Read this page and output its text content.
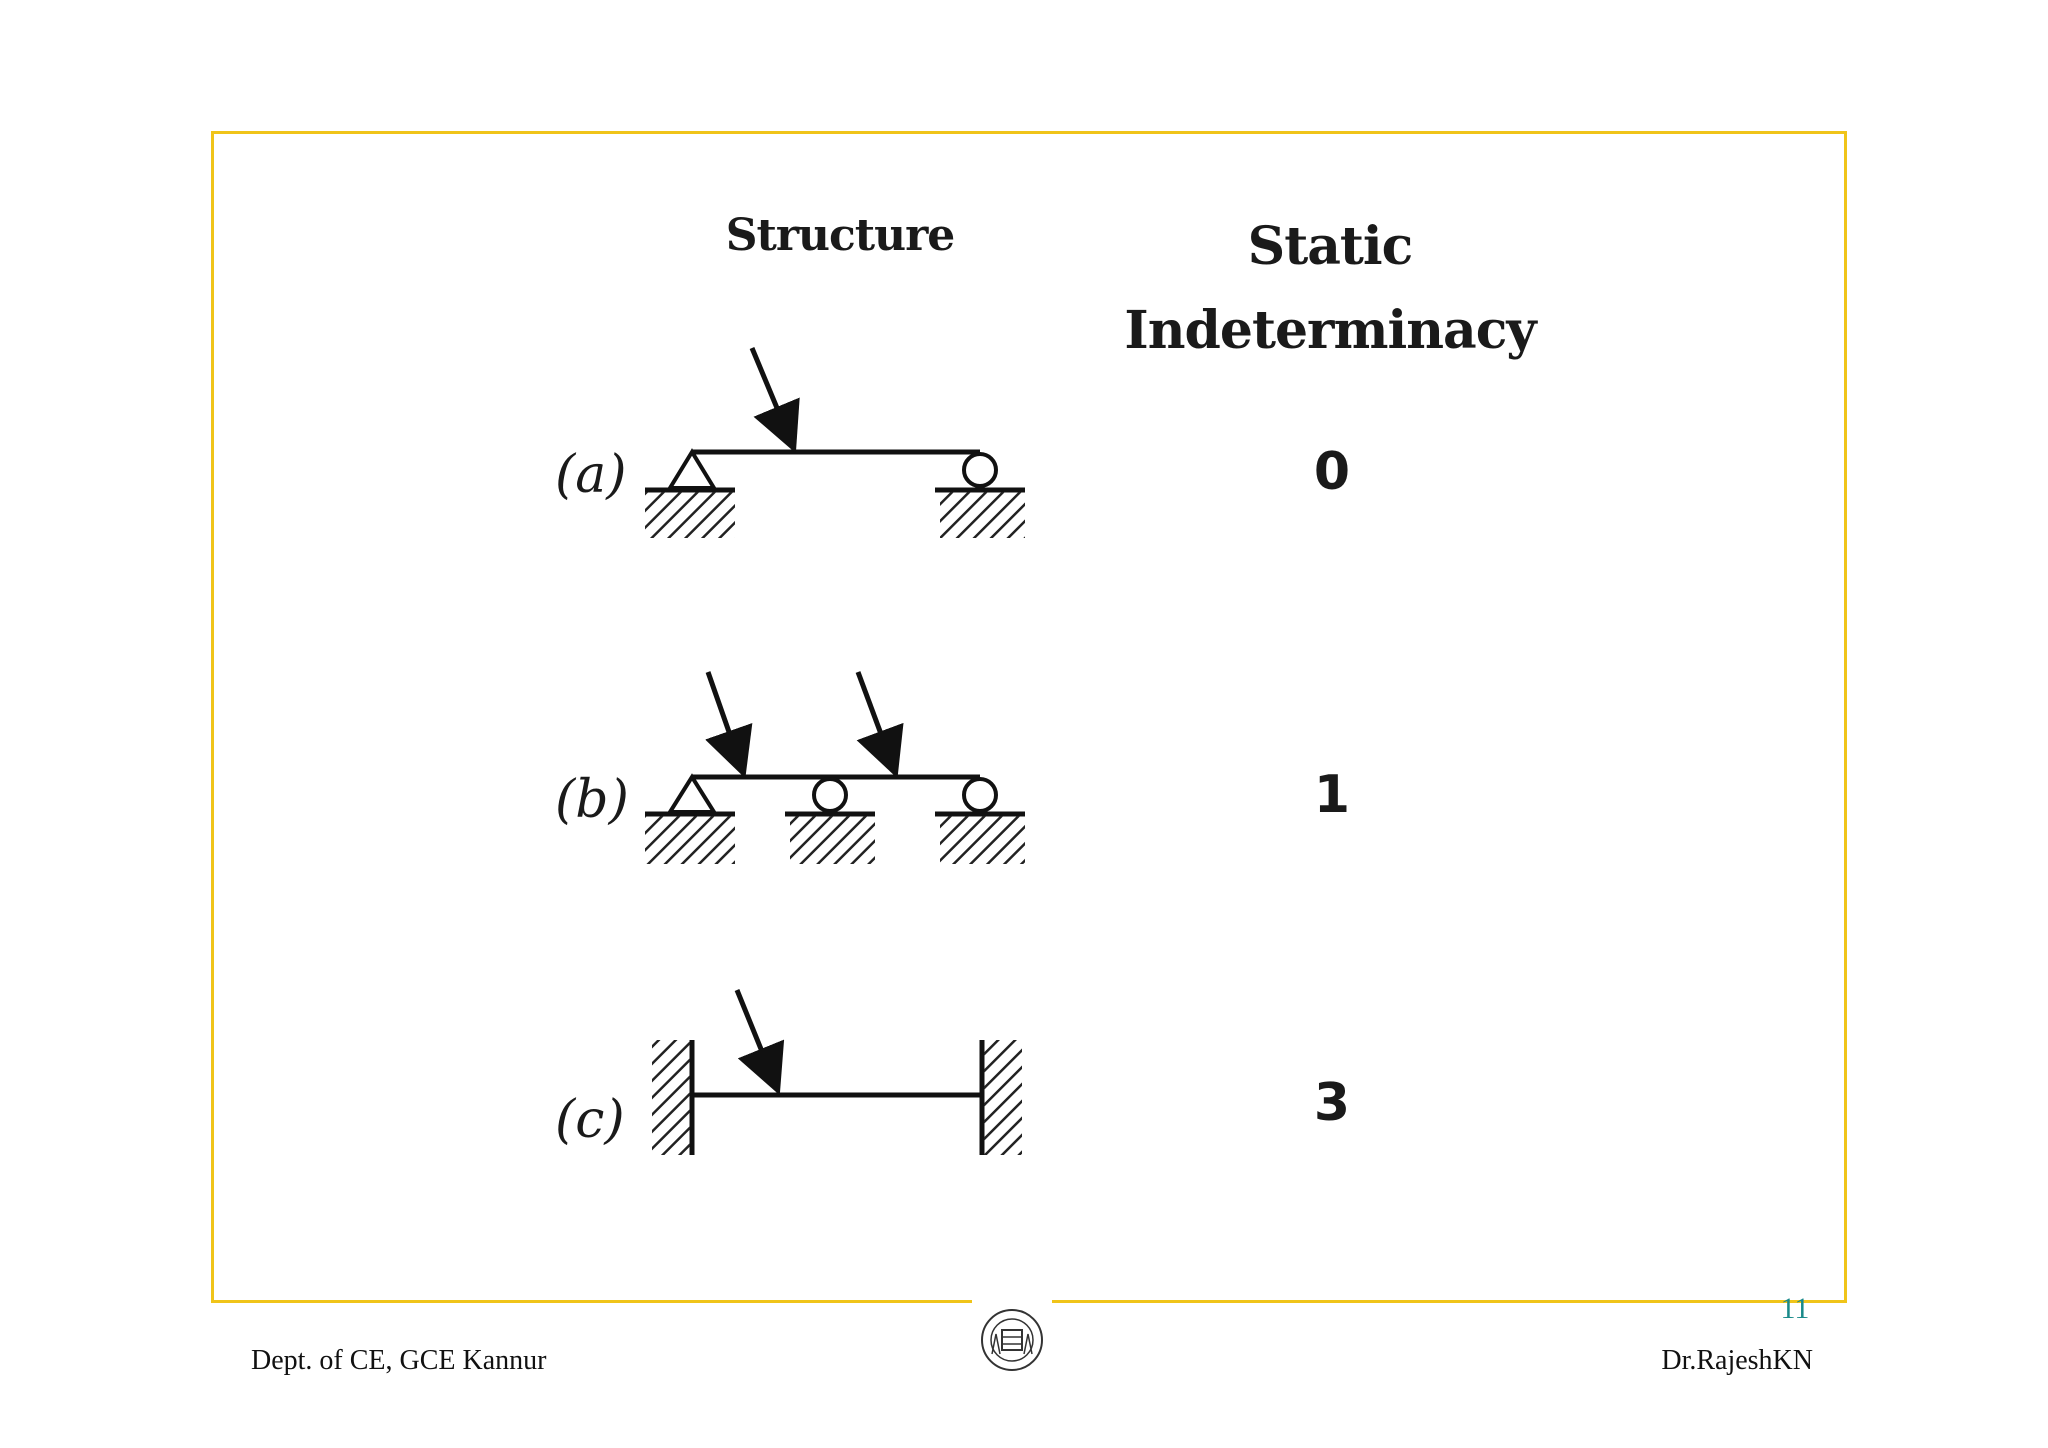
Structure	Static
Indeterminacy
(a)
(b)
(c)
0
1
3
11
Dept. of CE, GCE Kannur	Dr.RajeshKN
